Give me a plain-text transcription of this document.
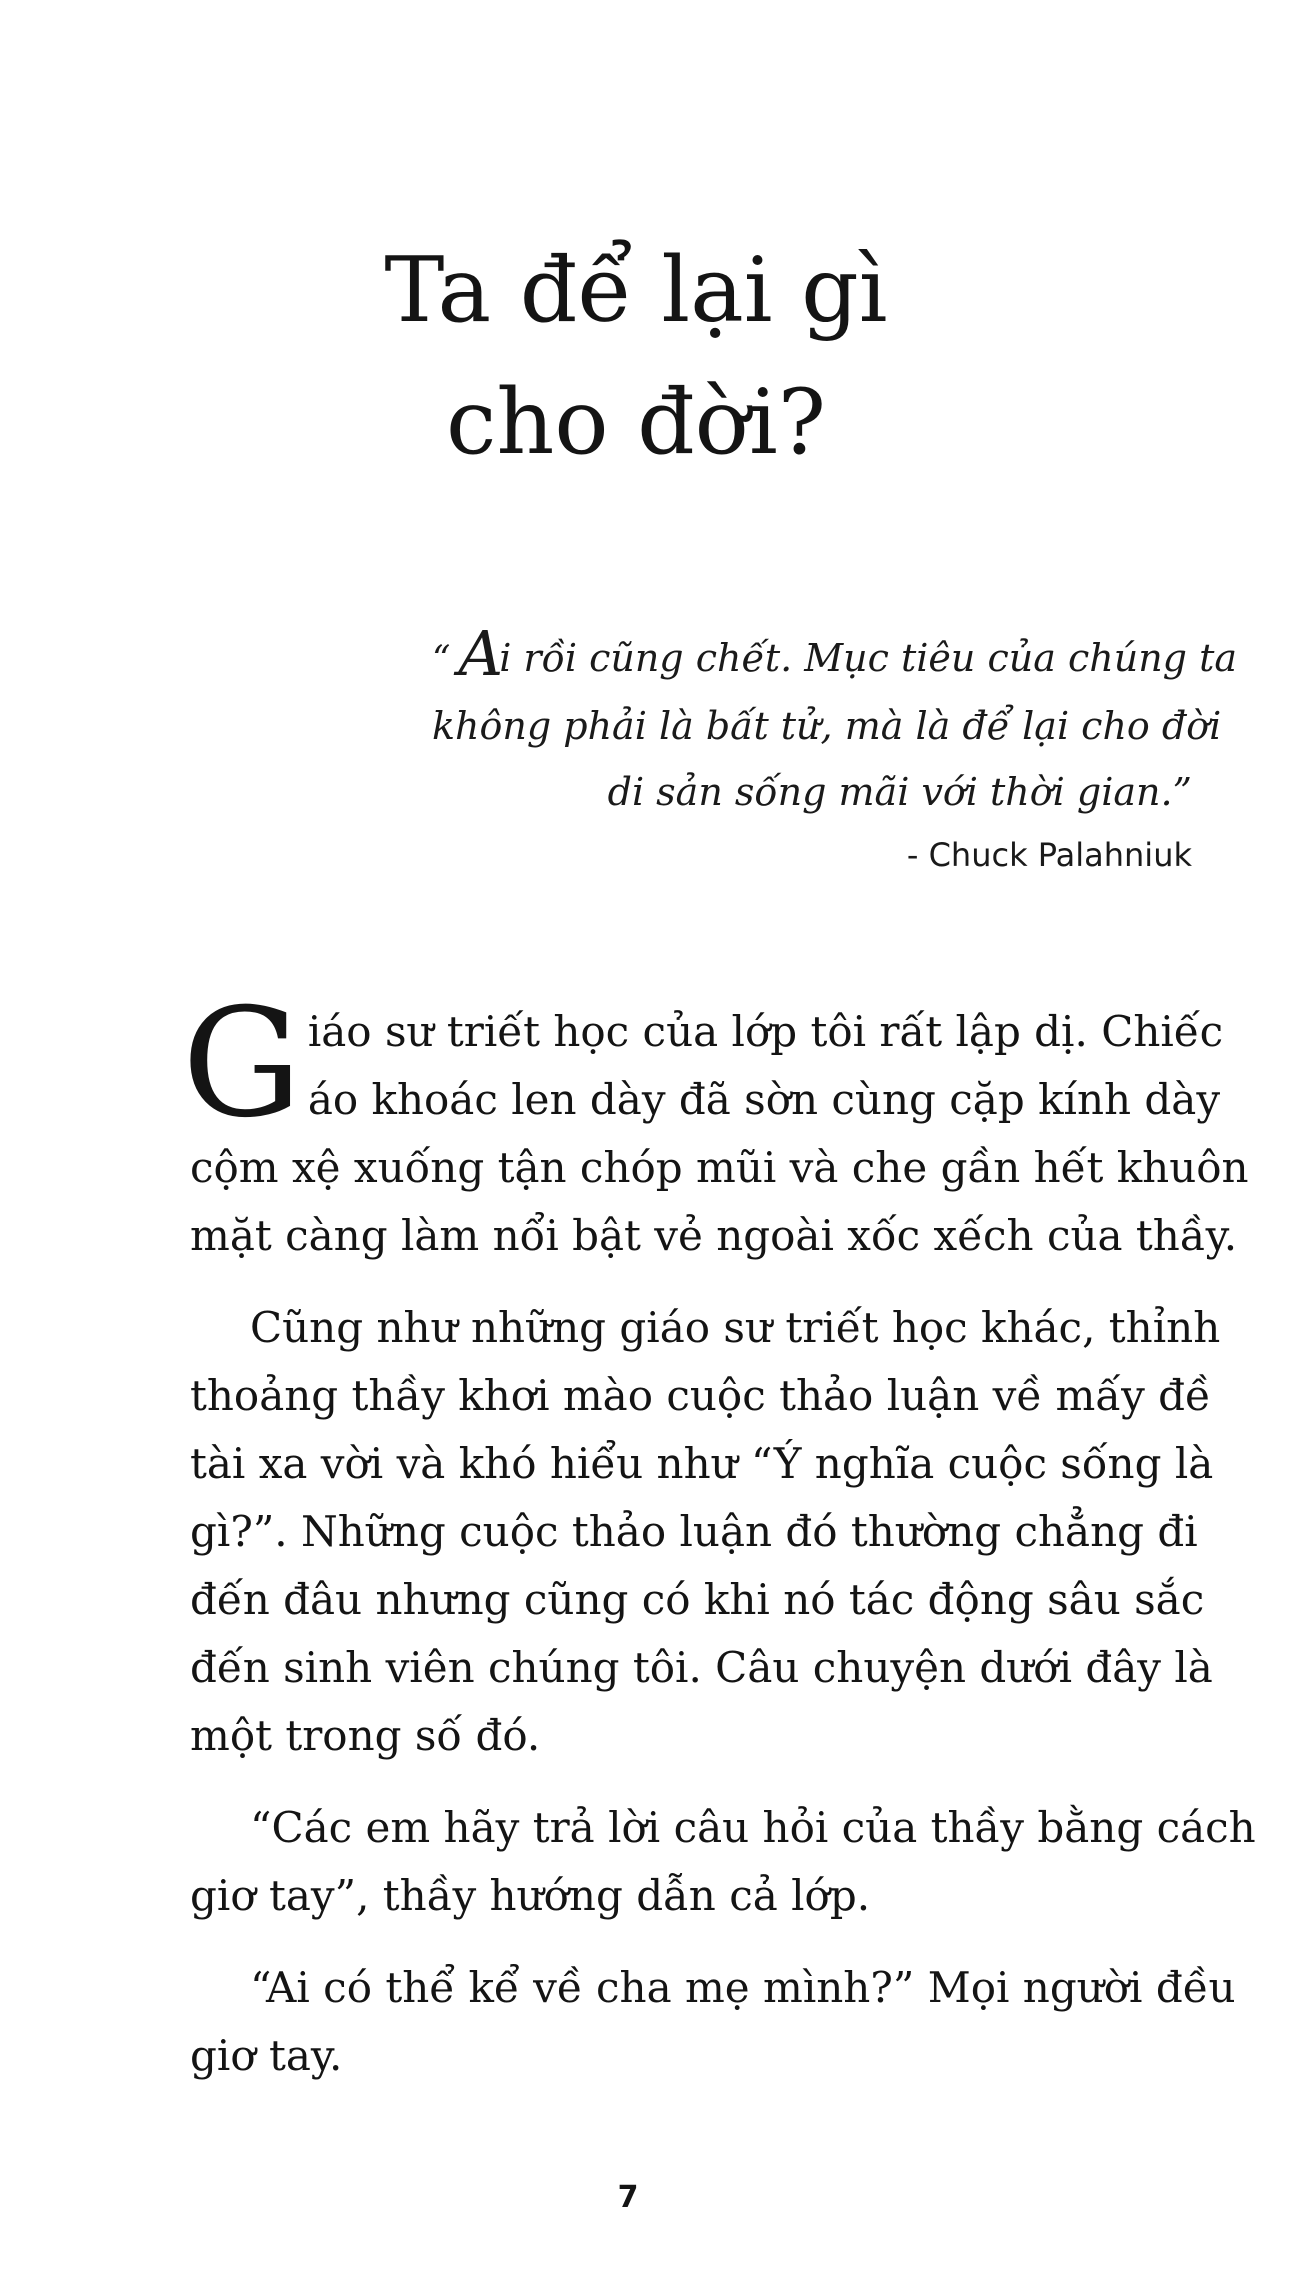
Ta để lại gì
cho đời?
“ Ai rồi cũng chết. Mục tiêu của chúng ta
không phải là bất tử, mà là để lại cho đời
di sản sống mãi với thời gian.”
- Chuck Palahniuk
G iáo sư triết học của lớp tôi rất lập dị. Chiếc
áo khoác len dày đã sờn cùng cặp kính dày
cộm xệ xuống tận chóp mũi và che gần hết khuôn
mặt càng làm nổi bật vẻ ngoài xốc xếch của thầy.
Cũng như những giáo sư triết học khác, thỉnh
thoảng thầy khơi mào cuộc thảo luận về mấy đề
tài xa vời và khó hiểu như “Ý nghĩa cuộc sống là
gì?”. Những cuộc thảo luận đó thường chẳng đi
đến đâu nhưng cũng có khi nó tác động sâu sắc
đến sinh viên chúng tôi. Câu chuyện dưới đây là
một trong số đó.
“Các em hãy trả lời câu hỏi của thầy bằng cách
giơ tay”, thầy hướng dẫn cả lớp.
“Ai có thể kể về cha mẹ mình?” Mọi người đều
giơ tay.
7
